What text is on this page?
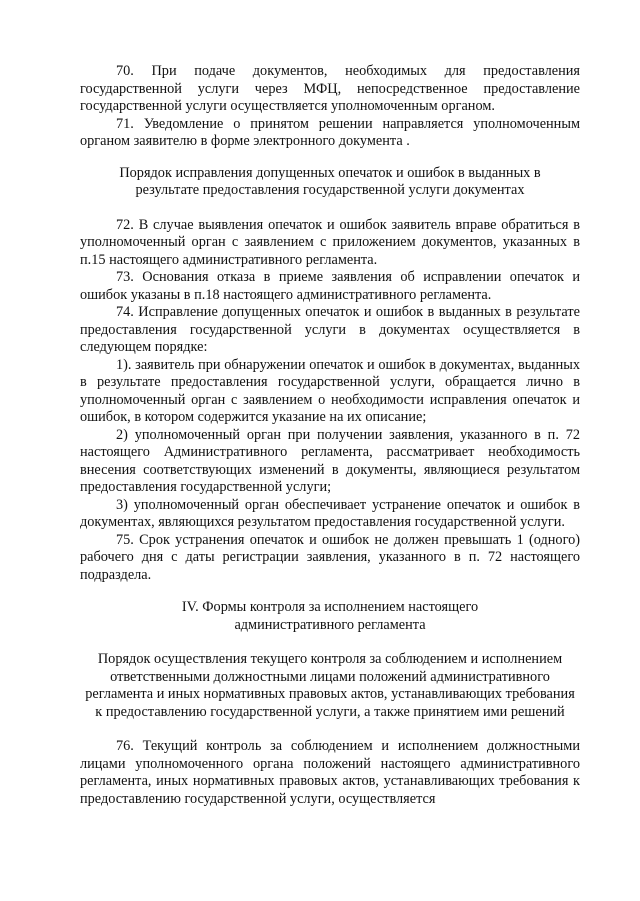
70. При подаче документов, необходимых для предоставления государственной услуги через МФЦ, непосредственное предоставление государственной услуги осуществляется уполномоченным органом.

71. Уведомление о принятом решении направляется уполномоченным органом заявителю в форме электронного документа .

Порядок исправления допущенных опечаток и ошибок в выданных в результате предоставления государственной услуги документах

72. В случае выявления опечаток и ошибок заявитель вправе обратиться в уполномоченный орган с заявлением с приложением документов, указанных в п.15 настоящего административного регламента.

73. Основания отказа в приеме заявления об исправлении опечаток и ошибок указаны в п.18 настоящего административного регламента.

74. Исправление допущенных опечаток и ошибок в выданных в результате предоставления государственной услуги в документах осуществляется в следующем порядке:

1). заявитель при обнаружении опечаток и ошибок в документах, выданных в результате предоставления государственной услуги, обращается лично в уполномоченный орган с заявлением о необходимости исправления опечаток и ошибок, в котором содержится указание на их описание;

2) уполномоченный орган при получении заявления, указанного в п. 72 настоящего Административного регламента, рассматривает необходимость внесения соответствующих изменений в документы, являющиеся результатом предоставления государственной услуги;

3) уполномоченный орган обеспечивает устранение опечаток и ошибок в документах, являющихся результатом предоставления государственной услуги.

75. Срок устранения опечаток и ошибок не должен превышать 1 (одного) рабочего дня с даты регистрации заявления, указанного в п. 72 настоящего подраздела.

IV. Формы контроля за исполнением настоящего административного регламента

Порядок осуществления текущего контроля за соблюдением и исполнением ответственными должностными лицами положений административного регламента и иных нормативных правовых актов, устанавливающих требования к предоставлению государственной услуги, а также принятием ими решений

76. Текущий контроль за соблюдением и исполнением должностными лицами уполномоченного органа положений настоящего административного регламента, иных нормативных правовых актов, устанавливающих требования к предоставлению государственной услуги, осуществляется
